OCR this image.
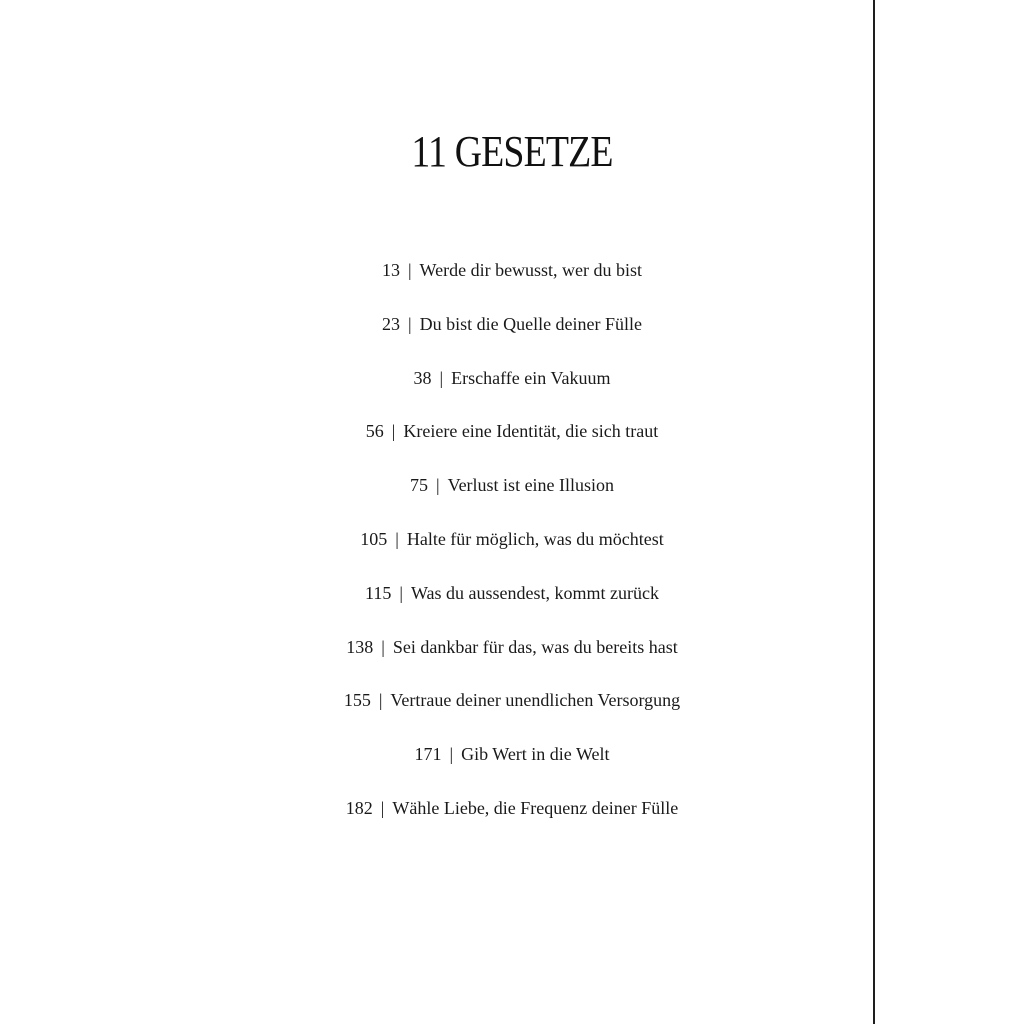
11 GESETZE
13 | Werde dir bewusst, wer du bist
23 | Du bist die Quelle deiner Fülle
38 | Erschaffe ein Vakuum
56 | Kreiere eine Identität, die sich traut
75 | Verlust ist eine Illusion
105 | Halte für möglich, was du möchtest
115 | Was du aussendest, kommt zurück
138 | Sei dankbar für das, was du bereits hast
155 | Vertraue deiner unendlichen Versorgung
171 | Gib Wert in die Welt
182 | Wähle Liebe, die Frequenz deiner Fülle
